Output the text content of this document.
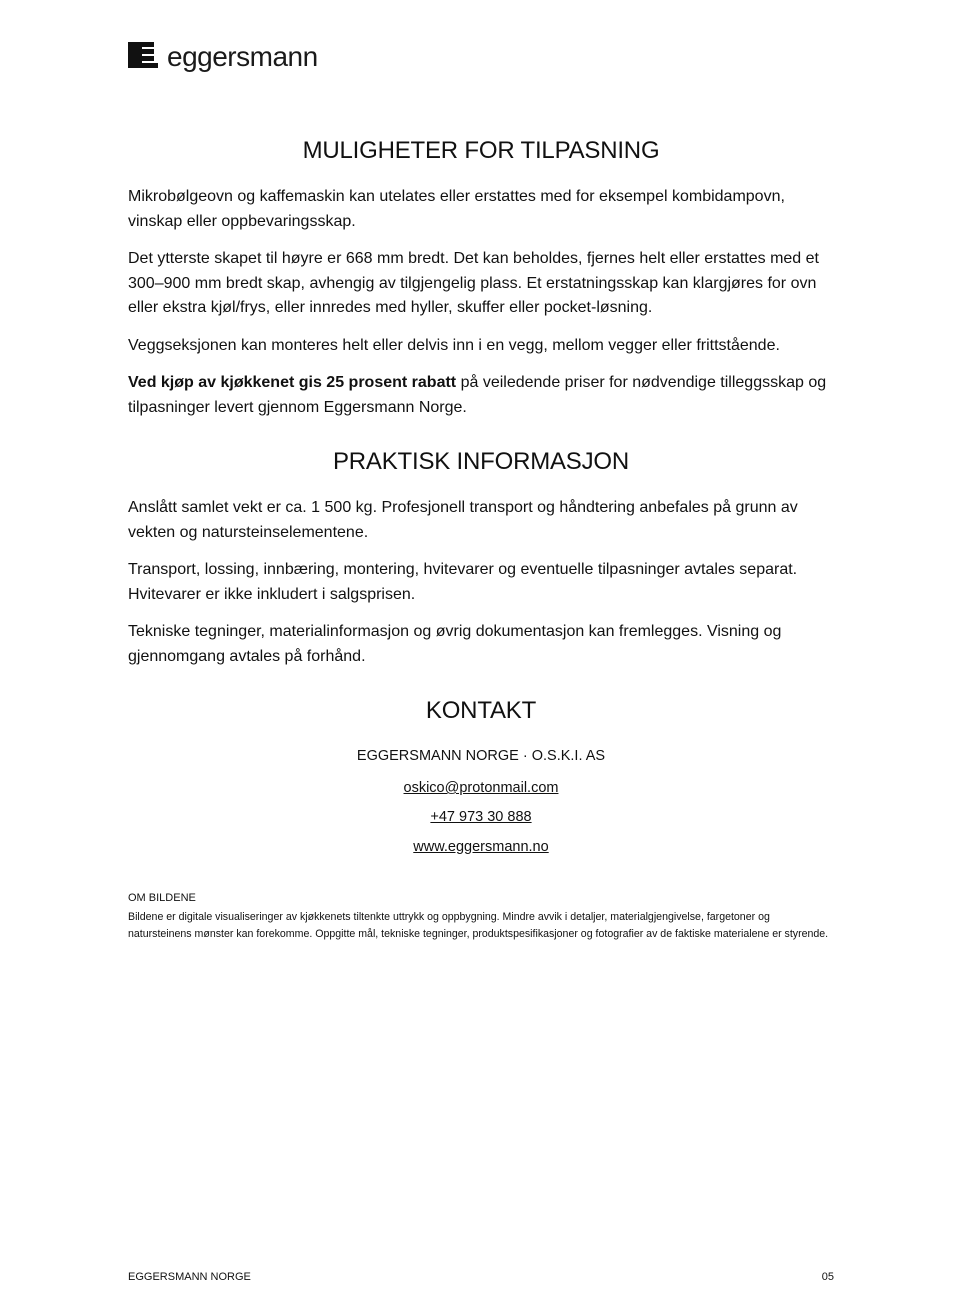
eggersmann
MULIGHETER FOR TILPASNING

Mikrobølgeovn og kaffemaskin kan utelates eller erstattes med for eksempel kombidampovn, vinskap eller oppbevaringsskap.

Det ytterste skapet til høyre er 668 mm bredt. Det kan beholdes, fjernes helt eller erstattes med et 300–900 mm bredt skap, avhengig av tilgjengelig plass. Et erstatningsskap kan klargjøres for ovn eller ekstra kjøl/frys, eller innredes med hyller, skuffer eller pocket-løsning.

Veggseksjonen kan monteres helt eller delvis inn i en vegg, mellom vegger eller frittstående.

Ved kjøp av kjøkkenet gis 25 prosent rabatt på veiledende priser for nødvendige tilleggsskap og tilpasninger levert gjennom Eggersmann Norge.

PRAKTISK INFORMASJON

Anslått samlet vekt er ca. 1 500 kg. Profesjonell transport og håndtering anbefales på grunn av vekten og natursteinselementene.

Transport, lossing, innbæring, montering, hvitevarer og eventuelle tilpasninger avtales separat. Hvitevarer er ikke inkludert i salgsprisen.

Tekniske tegninger, materialinformasjon og øvrig dokumentasjon kan fremlegges. Visning og gjennomgang avtales på forhånd.

KONTAKT
EGGERSMANN NORGE · O.S.K.I. AS
oskico@protonmail.com
+47 973 30 888
www.eggersmann.no
OM BILDENE
Bildene er digitale visualiseringer av kjøkkenets tiltenkte uttrykk og oppbygning. Mindre avvik i detaljer, materialgjengivelse, fargetoner og natursteinens mønster kan forekomme. Oppgitte mål, tekniske tegninger, produktspesifikasjoner og fotografier av de faktiske materialene er styrende.
EGGERSMANN NORGE	05
